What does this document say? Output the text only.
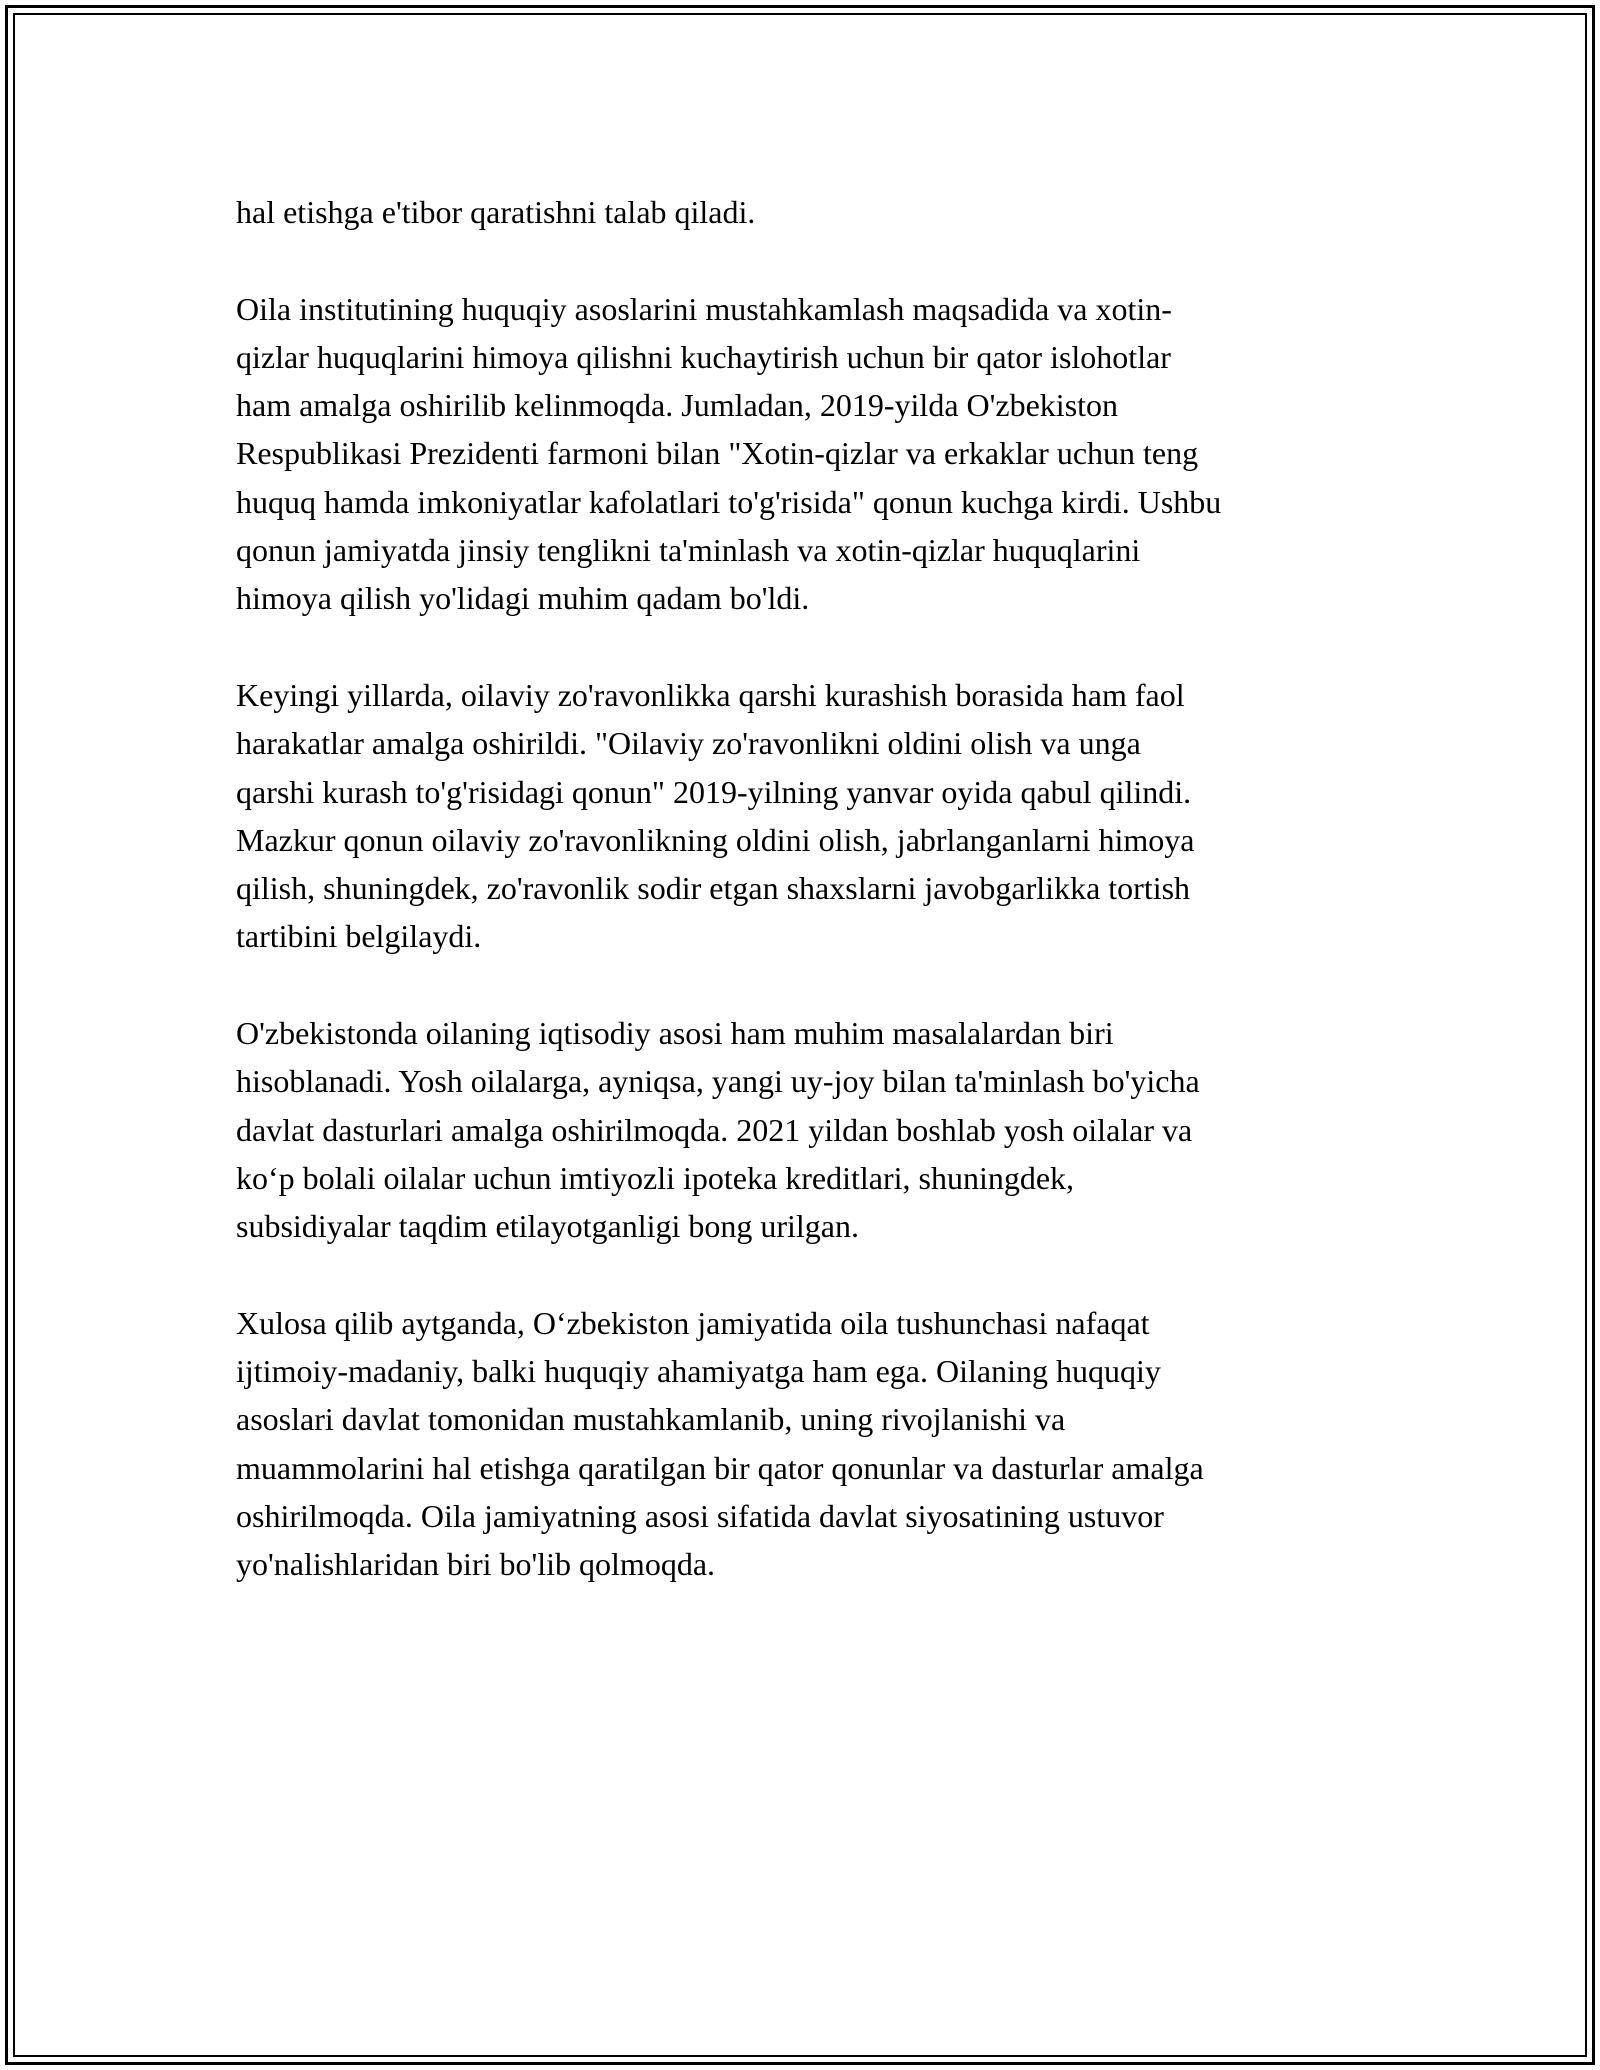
hal etishga e'tibor qaratishni talab qiladi.

Oila institutining huquqiy asoslarini mustahkamlash maqsadida va xotin-
qizlar huquqlarini himoya qilishni kuchaytirish uchun bir qator islohotlar
ham amalga oshirilib kelinmoqda. Jumladan, 2019-yilda O'zbekiston
Respublikasi Prezidenti farmoni bilan "Xotin-qizlar va erkaklar uchun teng
huquq hamda imkoniyatlar kafolatlari to'g'risida" qonun kuchga kirdi. Ushbu
qonun jamiyatda jinsiy tenglikni ta'minlash va xotin-qizlar huquqlarini
himoya qilish yo'lidagi muhim qadam bo'ldi.

Keyingi yillarda, oilaviy zo'ravonlikka qarshi kurashish borasida ham faol
harakatlar amalga oshirildi. "Oilaviy zo'ravonlikni oldini olish va unga
qarshi kurash to'g'risidagi qonun" 2019-yilning yanvar oyida qabul qilindi.
Mazkur qonun oilaviy zo'ravonlikning oldini olish, jabrlanganlarni himoya
qilish, shuningdek, zo'ravonlik sodir etgan shaxslarni javobgarlikka tortish
tartibini belgilaydi.

O'zbekistonda oilaning iqtisodiy asosi ham muhim masalalardan biri
hisoblanadi. Yosh oilalarga, ayniqsa, yangi uy-joy bilan ta'minlash bo'yicha
davlat dasturlari amalga oshirilmoqda. 2021 yildan boshlab yosh oilalar va
ko‘p bolali oilalar uchun imtiyozli ipoteka kreditlari, shuningdek,
subsidiyalar taqdim etilayotganligi bong urilgan.

Xulosa qilib aytganda, O‘zbekiston jamiyatida oila tushunchasi nafaqat
ijtimoiy-madaniy, balki huquqiy ahamiyatga ham ega. Oilaning huquqiy
asoslari davlat tomonidan mustahkamlanib, uning rivojlanishi va
muammolarini hal etishga qaratilgan bir qator qonunlar va dasturlar amalga
oshirilmoqda. Oila jamiyatning asosi sifatida davlat siyosatining ustuvor
yo'nalishlaridan biri bo'lib qolmoqda.
